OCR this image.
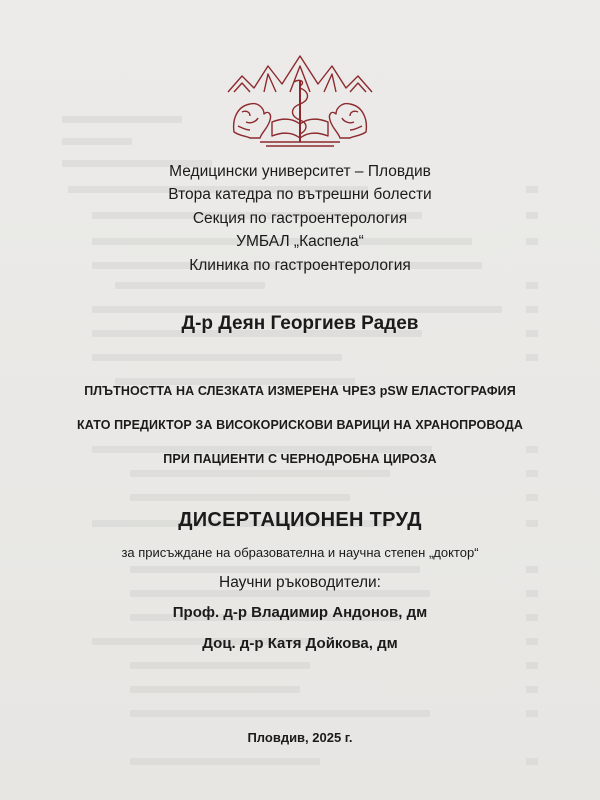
Медицински университет – Пловдив
Втора катедра по вътрешни болести
Секция по гастроентерология
УМБАЛ „Каспела“
Клиника по гастроентерология
Д-р Деян Георгиев Радев
ПЛЪТНОСТТА НА СЛЕЗКАТА ИЗМЕРЕНА ЧРЕЗ pSW ЕЛАСТОГРАФИЯ
КАТО ПРЕДИКТОР ЗА ВИСОКОРИСКОВИ ВАРИЦИ НА ХРАНОПРОВОДА
ПРИ ПАЦИЕНТИ С ЧЕРНОДРОБНА ЦИРОЗА
ДИСЕРТАЦИОНЕН ТРУД
за присъждане на образователна и научна степен „доктор“
Научни ръководители:
Проф. д-р Владимир Андонов, дм
Доц. д-р Катя Дойкова, дм
Пловдив, 2025 г.
